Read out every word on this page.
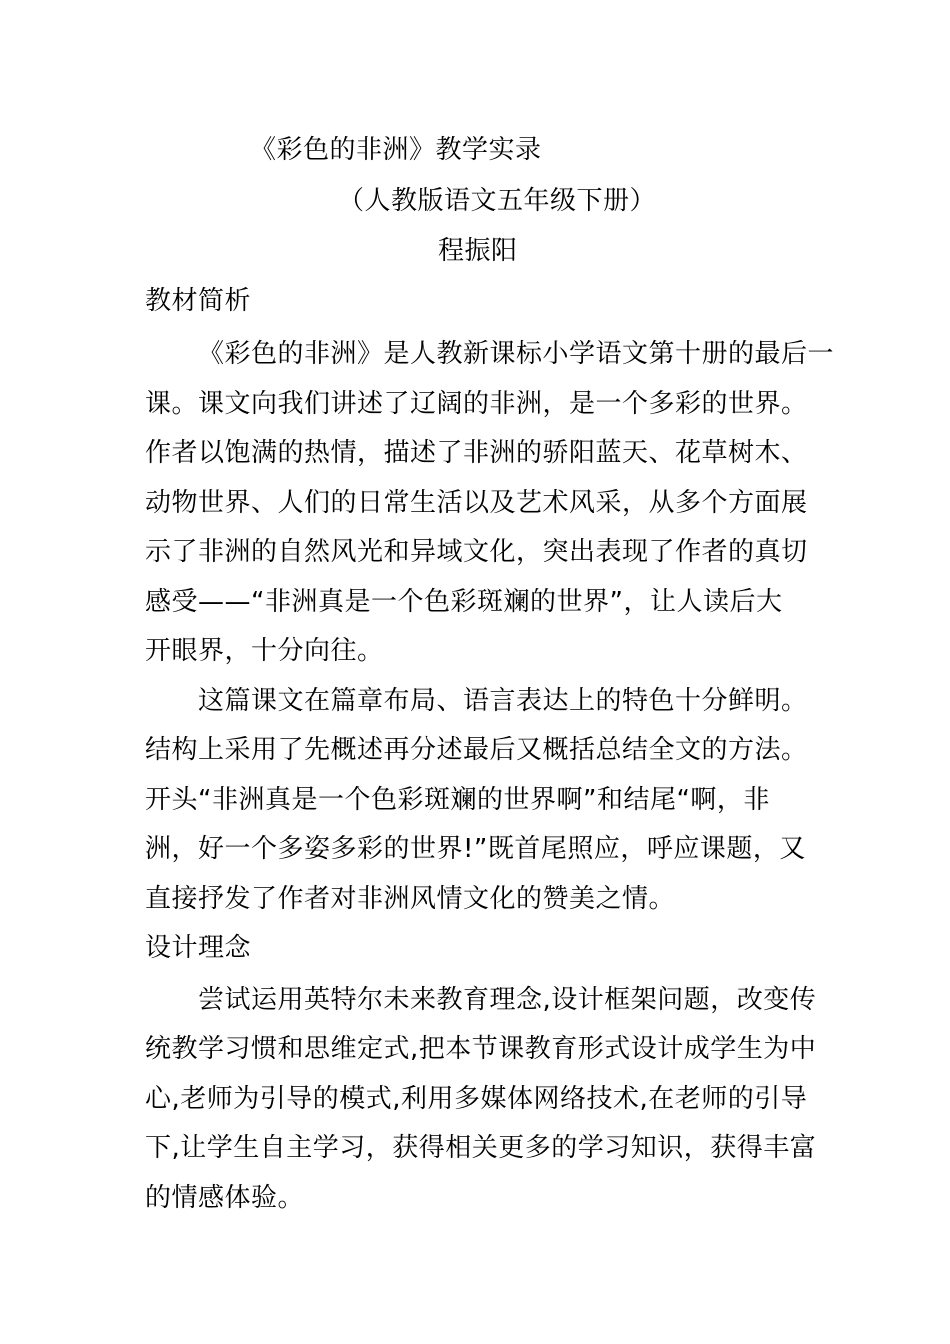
《彩色的非洲》教学实录
（人教版语文五年级下册）
程振阳
教材简析
《彩色的非洲》是人教新课标小学语文第十册的最后一
课。课文向我们讲述了辽阔的非洲，是一个多彩的世界。
作者以饱满的热情，描述了非洲的骄阳蓝天、花草树木、
动物世界、人们的日常生活以及艺术风采，从多个方面展
示了非洲的自然风光和异域文化，突出表现了作者的真切
感受——“非洲真是一个色彩斑斓的世界”，让人读后大
开眼界，十分向往。
这篇课文在篇章布局、语言表达上的特色十分鲜明。
结构上采用了先概述再分述最后又概括总结全文的方法。
开头“非洲真是一个色彩斑斓的世界啊”和结尾“啊，非
洲，好一个多姿多彩的世界!”既首尾照应，呼应课题，又
直接抒发了作者对非洲风情文化的赞美之情。
设计理念
尝试运用英特尔未来教育理念,设计框架问题，改变传
统教学习惯和思维定式,把本节课教育形式设计成学生为中
心,老师为引导的模式,利用多媒体网络技术,在老师的引导
下,让学生自主学习，获得相关更多的学习知识，获得丰富
的情感体验。
